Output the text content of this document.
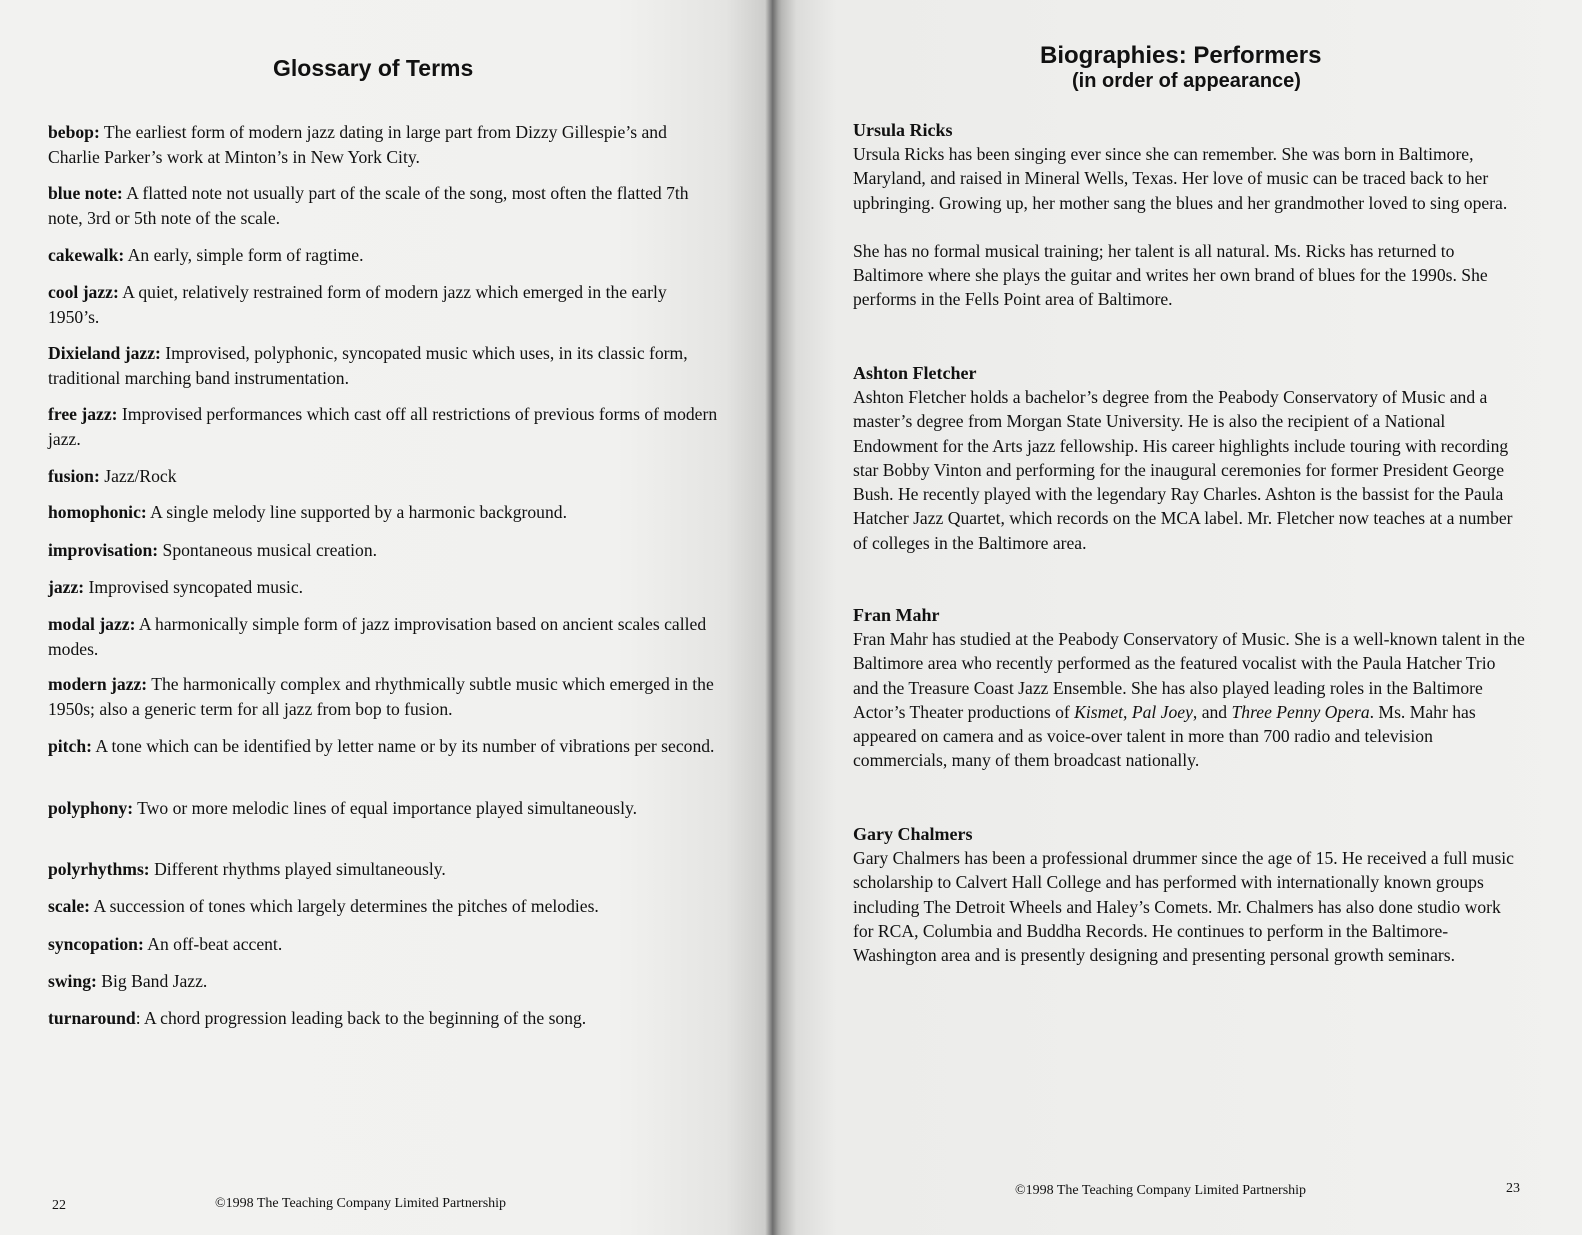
Glossary of Terms
bebop: The earliest form of modern jazz dating in large part from Dizzy Gillespie’s and Charlie Parker’s work at Minton’s in New York City.
blue note: A flatted note not usually part of the scale of the song, most often the flatted 7th note, 3rd or 5th note of the scale.
cakewalk: An early, simple form of ragtime.
cool jazz: A quiet, relatively restrained form of modern jazz which emerged in the early 1950’s.
Dixieland jazz: Improvised, polyphonic, syncopated music which uses, in its classic form, traditional marching band instrumentation.
free jazz: Improvised performances which cast off all restrictions of previous forms of modern jazz.
fusion: Jazz/Rock
homophonic: A single melody line supported by a harmonic background.
improvisation: Spontaneous musical creation.
jazz: Improvised syncopated music.
modal jazz: A harmonically simple form of jazz improvisation based on ancient scales called modes.
modern jazz: The harmonically complex and rhythmically subtle music which emerged in the 1950s; also a generic term for all jazz from bop to fusion.
pitch: A tone which can be identified by letter name or by its number of vibrations per second.
polyphony: Two or more melodic lines of equal importance played simultaneously.
polyrhythms: Different rhythms played simultaneously.
scale: A succession of tones which largely determines the pitches of melodies.
syncopation: An off-beat accent.
swing: Big Band Jazz.
turnaround: A chord progression leading back to the beginning of the song.
22	©1998 The Teaching Company Limited Partnership
Biographies: Performers
(in order of appearance)
Ursula Ricks

Ursula Ricks has been singing ever since she can remember. She was born in Baltimore, Maryland, and raised in Mineral Wells, Texas. Her love of music can be traced back to her upbringing. Growing up, her mother sang the blues and her grandmother loved to sing opera.

She has no formal musical training; her talent is all natural. Ms. Ricks has returned to Baltimore where she plays the guitar and writes her own brand of blues for the 1990s. She performs in the Fells Point area of Baltimore.

Ashton Fletcher

Ashton Fletcher holds a bachelor’s degree from the Peabody Conservatory of Music and a master’s degree from Morgan State University. He is also the recipient of a National Endowment for the Arts jazz fellowship. His career highlights include touring with recording star Bobby Vinton and performing for the inaugural ceremonies for former President George Bush. He recently played with the legendary Ray Charles. Ashton is the bassist for the Paula Hatcher Jazz Quartet, which records on the MCA label. Mr. Fletcher now teaches at a number of colleges in the Baltimore area.

Fran Mahr

Fran Mahr has studied at the Peabody Conservatory of Music. She is a well-known talent in the Baltimore area who recently performed as the featured vocalist with the Paula Hatcher Trio and the Treasure Coast Jazz Ensemble. She has also played leading roles in the Baltimore Actor’s Theater productions of Kismet, Pal Joey, and Three Penny Opera. Ms. Mahr has appeared on camera and as voice-over talent in more than 700 radio and television commercials, many of them broadcast nationally.

Gary Chalmers

Gary Chalmers has been a professional drummer since the age of 15. He received a full music scholarship to Calvert Hall College and has performed with internationally known groups including The Detroit Wheels and Haley’s Comets. Mr. Chalmers has also done studio work for RCA, Columbia and Buddha Records. He continues to perform in the Baltimore-Washington area and is presently designing and presenting personal growth seminars.

©1998 The Teaching Company Limited Partnership	23
